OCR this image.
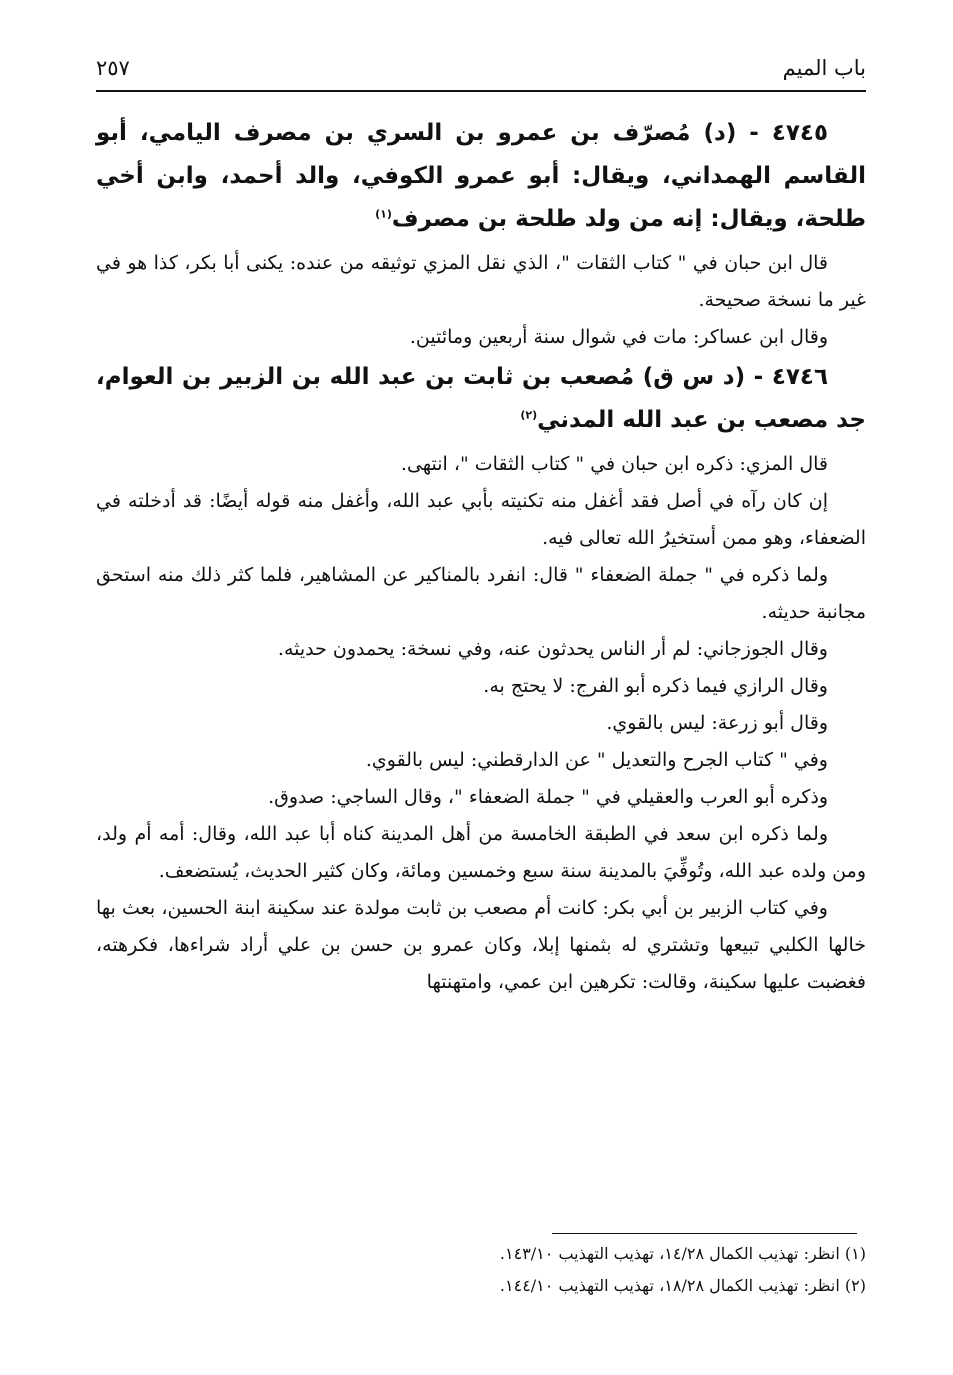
باب الميم
٢٥٧

٤٧٤٥ - (د) مُصرّف بن عمرو بن السري بن مصرف اليامي، أبو القاسم الهمداني، ويقال: أبو عمرو الكوفي، والد أحمد، وابن أخي طلحة، ويقال: إنه من ولد طلحة بن مصرف$^{(١)}$

قال ابن حبان في " كتاب الثقات "، الذي نقل المزي توثيقه من عنده: يكنى أبا بكر، كذا هو في غير ما نسخة صحيحة.

وقال ابن عساكر: مات في شوال سنة أربعين ومائتين.

٤٧٤٦ - (د س ق) مُصعب بن ثابت بن عبد الله بن الزبير بن العوام، جد مصعب بن عبد الله المدني$^{(٢)}$

قال المزي: ذكره ابن حبان في " كتاب الثقات "، انتهى.

إن كان رآه في أصل فقد أغفل منه تكنيته بأبي عبد الله، وأغفل منه قوله أيضًا: قد أدخلته في الضعفاء، وهو ممن أستخيرُ الله تعالى فيه.

ولما ذكره في " جملة الضعفاء " قال: انفرد بالمناكير عن المشاهير، فلما كثر ذلك منه استحق مجانبة حديثه.

وقال الجوزجاني: لم أر الناس يحدثون عنه، وفي نسخة: يحمدون حديثه.

وقال الرازي فيما ذكره أبو الفرج: لا يحتج به.

وقال أبو زرعة: ليس بالقوي.

وفي " كتاب الجرح والتعديل " عن الدارقطني: ليس بالقوي.

وذكره أبو العرب والعقيلي في " جملة الضعفاء "، وقال الساجي: صدوق.

ولما ذكره ابن سعد في الطبقة الخامسة من أهل المدينة كناه أبا عبد الله، وقال: أمه أم ولد، ومن ولده عبد الله، وتُوفِّيَ بالمدينة سنة سبع وخمسين ومائة، وكان كثير الحديث، يُستضعف.

وفي كتاب الزبير بن أبي بكر: كانت أم مصعب بن ثابت مولدة عند سكينة ابنة الحسين، بعث بها خالها الكلبي تبيعها وتشتري له بثمنها إبلا، وكان عمرو بن حسن بن علي أراد شراءها، فكرهته، فغضبت عليها سكينة، وقالت: تكرهين ابن عمي، وامتهنتها

(١) انظر: تهذيب الكمال ١٤/٢٨، تهذيب التهذيب ١٤٣/١٠.

(٢) انظر: تهذيب الكمال ١٨/٢٨، تهذيب التهذيب ١٤٤/١٠.
